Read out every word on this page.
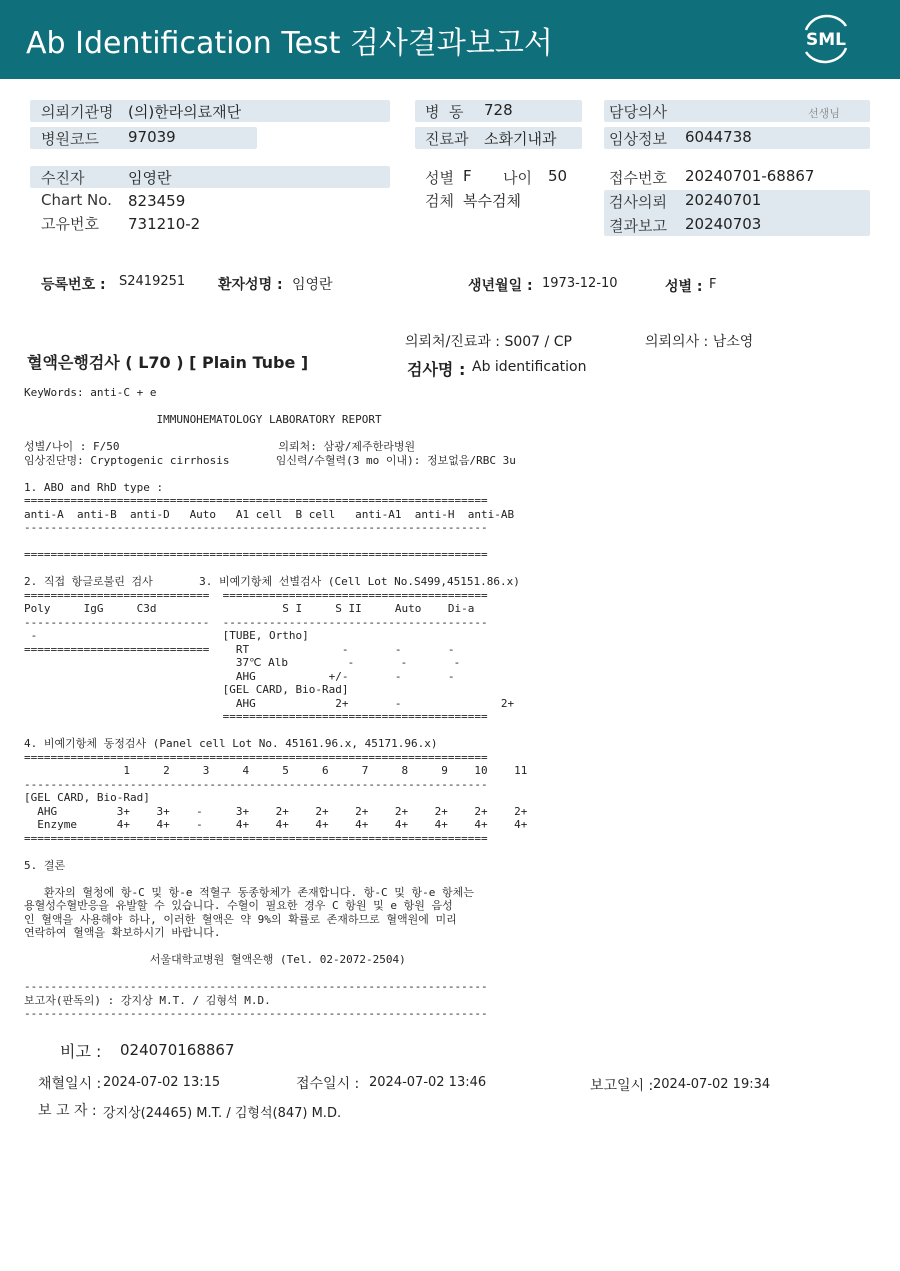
Ab Identification Test 검사결과보고서	SML
의뢰기관명 (의)한라의료재단
병원코드 97039
병  동 728
진료과 소화기내과
담당의사	선생님
임상정보 6044738
수진자	임영란
Chart No. 823459
고유번호 731210-2
성별 F 나이 50
검체 복수검체
접수번호 20240701-68867
검사의뢰 20240701
결과보고 20240703
등록번호 : S2419251 환자성명 : 임영란	생년월일 : 1973-12-10	성별 : F
의뢰처/진료과 : S007 / CP	의뢰의사 : 남소영
혈액은행검사 ( L70 ) [ Plain Tube ]	검사명 : Ab identification
KeyWords: anti-C + e

IMMUNOHEMATOLOGY LABORATORY REPORT

성별/나이 : F/50                        의뢰처: 삼광/제주한라병원
임상진단명: Cryptogenic cirrhosis       임신력/수혈력(3 mo 이내): 정보없음/RBC 3u

1. ABO and RhD type :
======================================================================
anti-A  anti-B  anti-D   Auto   A1 cell  B cell   anti-A1  anti-H  anti-AB
----------------------------------------------------------------------

======================================================================

2. 직접 항글로불린 검사       3. 비예기항체 선별검사 (Cell Lot No.S499,45151.86.x)
============================  ========================================
Poly     IgG     C3d                   S I     S II     Auto    Di-a
----------------------------  ----------------------------------------
-                            [TUBE, Ortho]
============================    RT              -       -       -
37℃ Alb         -       -       -
AHG           +/-       -       -
[GEL CARD, Bio-Rad]
AHG            2+       -               2+
========================================

4. 비예기항체 동정검사 (Panel cell Lot No. 45161.96.x, 45171.96.x)
======================================================================
1     2     3     4     5     6     7     8     9    10    11
----------------------------------------------------------------------
[GEL CARD, Bio-Rad]
AHG         3+    3+    -     3+    2+    2+    2+    2+    2+    2+    2+
Enzyme      4+    4+    -     4+    4+    4+    4+    4+    4+    4+    4+
======================================================================

5. 결론

환자의 혈청에 항-C 및 항-e 적혈구 동종항체가 존재합니다. 항-C 및 항-e 항체는
용혈성수혈반응을 유발할 수 있습니다. 수혈이 필요한 경우 C 항원 및 e 항원 음성
인 혈액을 사용해야 하나, 이러한 혈액은 약 9%의 확률로 존재하므로 혈액원에 미리
연락하여 혈액을 확보하시기 바랍니다.

서울대학교병원 혈액은행 (Tel. 02-2072-2504)

----------------------------------------------------------------------
보고자(판독의) : 강지상 M.T. / 김형석 M.D.
----------------------------------------------------------------------
비고 : 024070168867
채혈일시 : 2024-07-02 13:15	접수일시 : 2024-07-02 13:46	보고일시 : 2024-07-02 19:34
보 고 자 : 강지상(24465) M.T. / 김형석(847) M.D.
